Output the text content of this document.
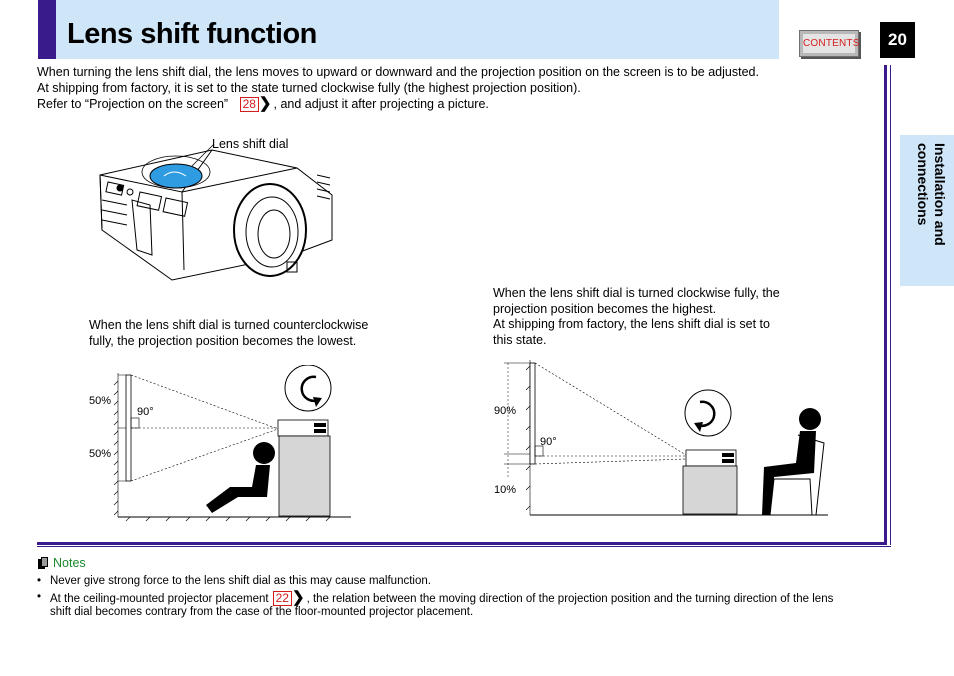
Lens shift function	CONTENTS	20
Installation and
connections
When turning the lens shift dial, the lens moves to upward or downward and the projection position on the screen is to be adjusted.
At shipping from factory, it is set to the state turned clockwise fully (the highest projection position).
Refer to “Projection on the screen” 28 ❯ , and adjust it after projecting a picture.
Lens shift dial
When the lens shift dial is turned counterclockwise
fully, the projection position becomes the lowest.
50%
50%
90°
When the lens shift dial is turned clockwise fully, the
projection position becomes the highest.
At shipping from factory, the lens shift dial is set to
this state.
90%
10%
90°
Notes
• Never give strong force to the lens shift dial as this may cause malfunction.
• At the ceiling-mounted projector placement 22 ❯ , the relation between the moving direction of the projection position and the turning direction of the lens
shift dial becomes contrary from the case of the floor-mounted projector placement.
